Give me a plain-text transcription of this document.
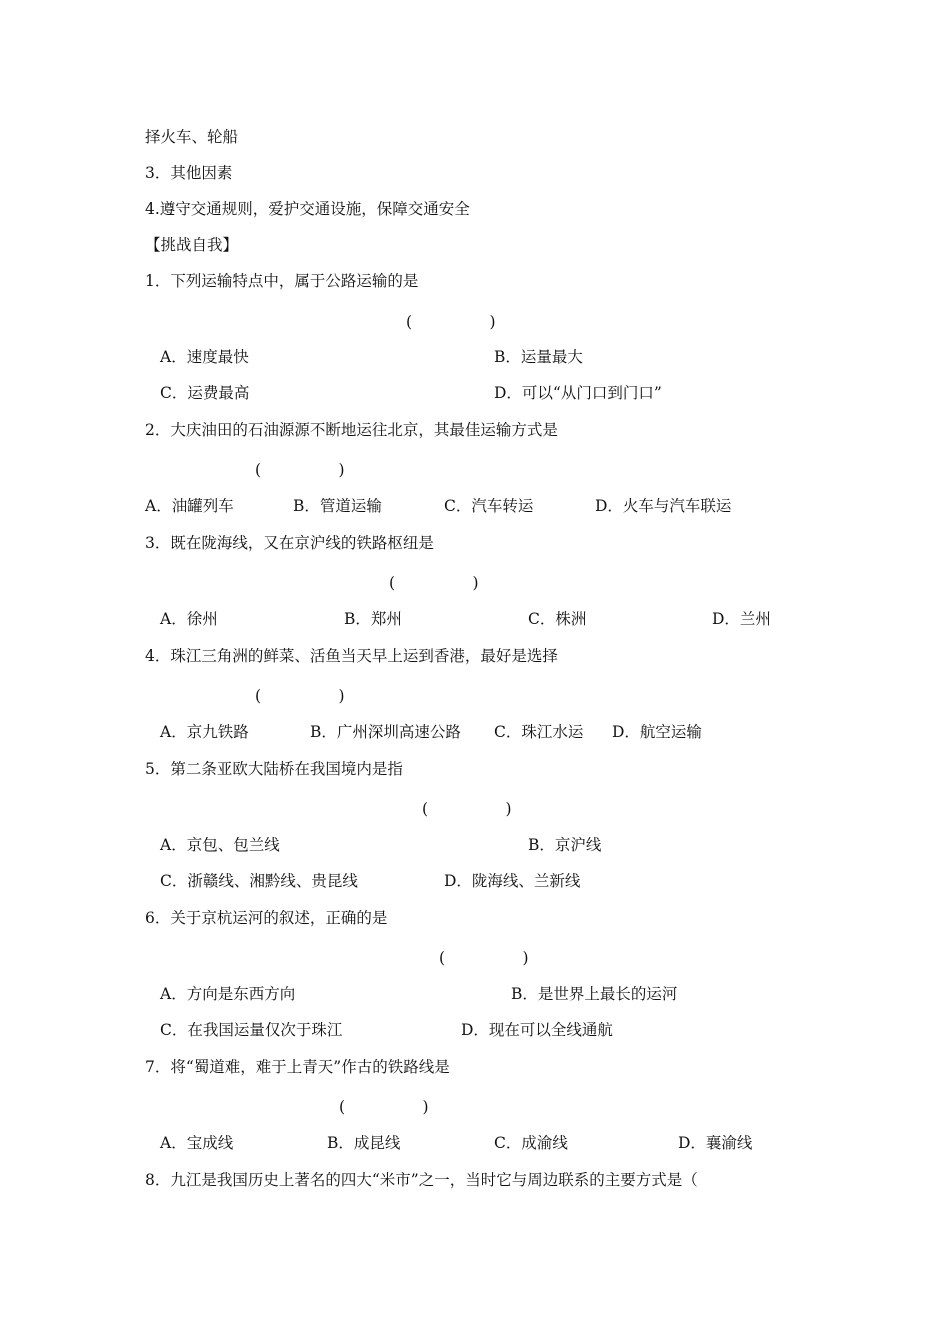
择火车、轮船
3．其他因素
4.遵守交通规则，爱护交通设施，保障交通安全
【挑战自我】
1．下列运输特点中，属于公路运输的是
(　　　　　)
A．速度最快	B．运量最大
C．运费最高	D．可以“从门口到门口”
2．大庆油田的石油源源不断地运往北京，其最佳运输方式是
(　　　　　)
A．油罐列车	B．管道运输	C．汽车转运	D．火车与汽车联运
3．既在陇海线，又在京沪线的铁路枢纽是
(　　　　　)
A．徐州	B．郑州	C．株洲	D．兰州
4．珠江三角洲的鲜菜、活鱼当天早上运到香港，最好是选择
(　　　　　)
A．京九铁路	B．广州深圳高速公路 C．珠江水运 D．航空运输
5．第二条亚欧大陆桥在我国境内是指
(　　　　　)
A．京包、包兰线	B．京沪线
C．浙赣线、湘黔线、贵昆线	D．陇海线、兰新线
6．关于京杭运河的叙述，正确的是
(　　　　　)
A．方向是东西方向	B．是世界上最长的运河
C．在我国运量仅次于珠江	D．现在可以全线通航
7．将“蜀道难，难于上青天”作古的铁路线是
(　　　　　)
A．宝成线	B．成昆线	C．成渝线	D．襄渝线
8．九江是我国历史上著名的四大“米市”之一，当时它与周边联系的主要方式是（
